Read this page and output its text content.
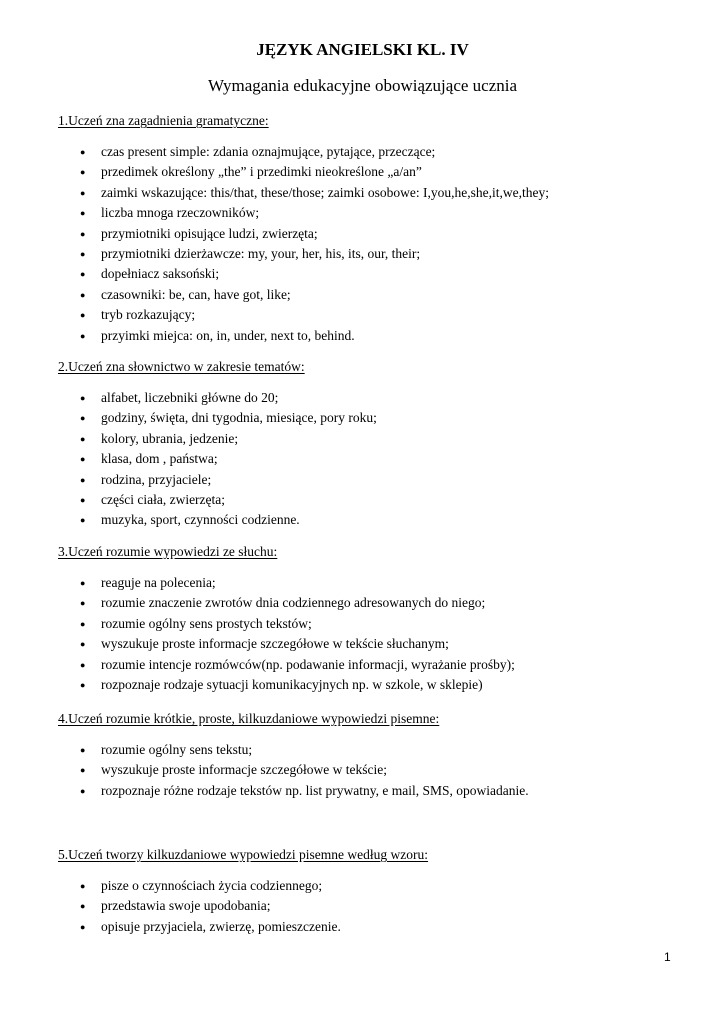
JĘZYK ANGIELSKI KL. IV
Wymagania edukacyjne obowiązujące ucznia
1.Uczeń zna zagadnienia gramatyczne:
● czas present simple: zdania oznajmujące, pytające, przeczące;
● przedimek określony „the” i przedimki nieokreślone „a/an”
● zaimki wskazujące: this/that, these/those; zaimki osobowe: I,you,he,she,it,we,they;
● liczba mnoga rzeczowników;
● przymiotniki opisujące ludzi, zwierzęta;
● przymiotniki dzierżawcze: my, your, her, his, its, our, their;
● dopełniacz saksoński;
● czasowniki: be, can, have got, like;
● tryb rozkazujący;
● przyimki miejca: on, in, under, next to, behind.
2.Uczeń zna słownictwo w zakresie tematów:
● alfabet, liczebniki główne do 20;
● godziny, święta, dni tygodnia, miesiące, pory roku;
● kolory, ubrania, jedzenie;
● klasa, dom , państwa;
● rodzina, przyjaciele;
● części ciała, zwierzęta;
● muzyka, sport, czynności codzienne.
3.Uczeń rozumie wypowiedzi ze słuchu:
● reaguje na polecenia;
● rozumie znaczenie zwrotów dnia codziennego adresowanych do niego;
● rozumie ogólny sens prostych tekstów;
● wyszukuje proste informacje szczegółowe w tekście słuchanym;
● rozumie intencje rozmówców(np. podawanie informacji, wyrażanie prośby);
● rozpoznaje rodzaje sytuacji komunikacyjnych np. w szkole, w sklepie)
4.Uczeń rozumie krótkie, proste, kilkuzdaniowe wypowiedzi pisemne:
● rozumie ogólny sens tekstu;
● wyszukuje proste informacje szczegółowe w tekście;
● rozpoznaje różne rodzaje tekstów np. list prywatny, e mail, SMS, opowiadanie.
5.Uczeń tworzy kilkuzdaniowe wypowiedzi pisemne według wzoru:
● pisze o czynnościach życia codziennego;
● przedstawia swoje upodobania;
● opisuje przyjaciela, zwierzę, pomieszczenie.
1
